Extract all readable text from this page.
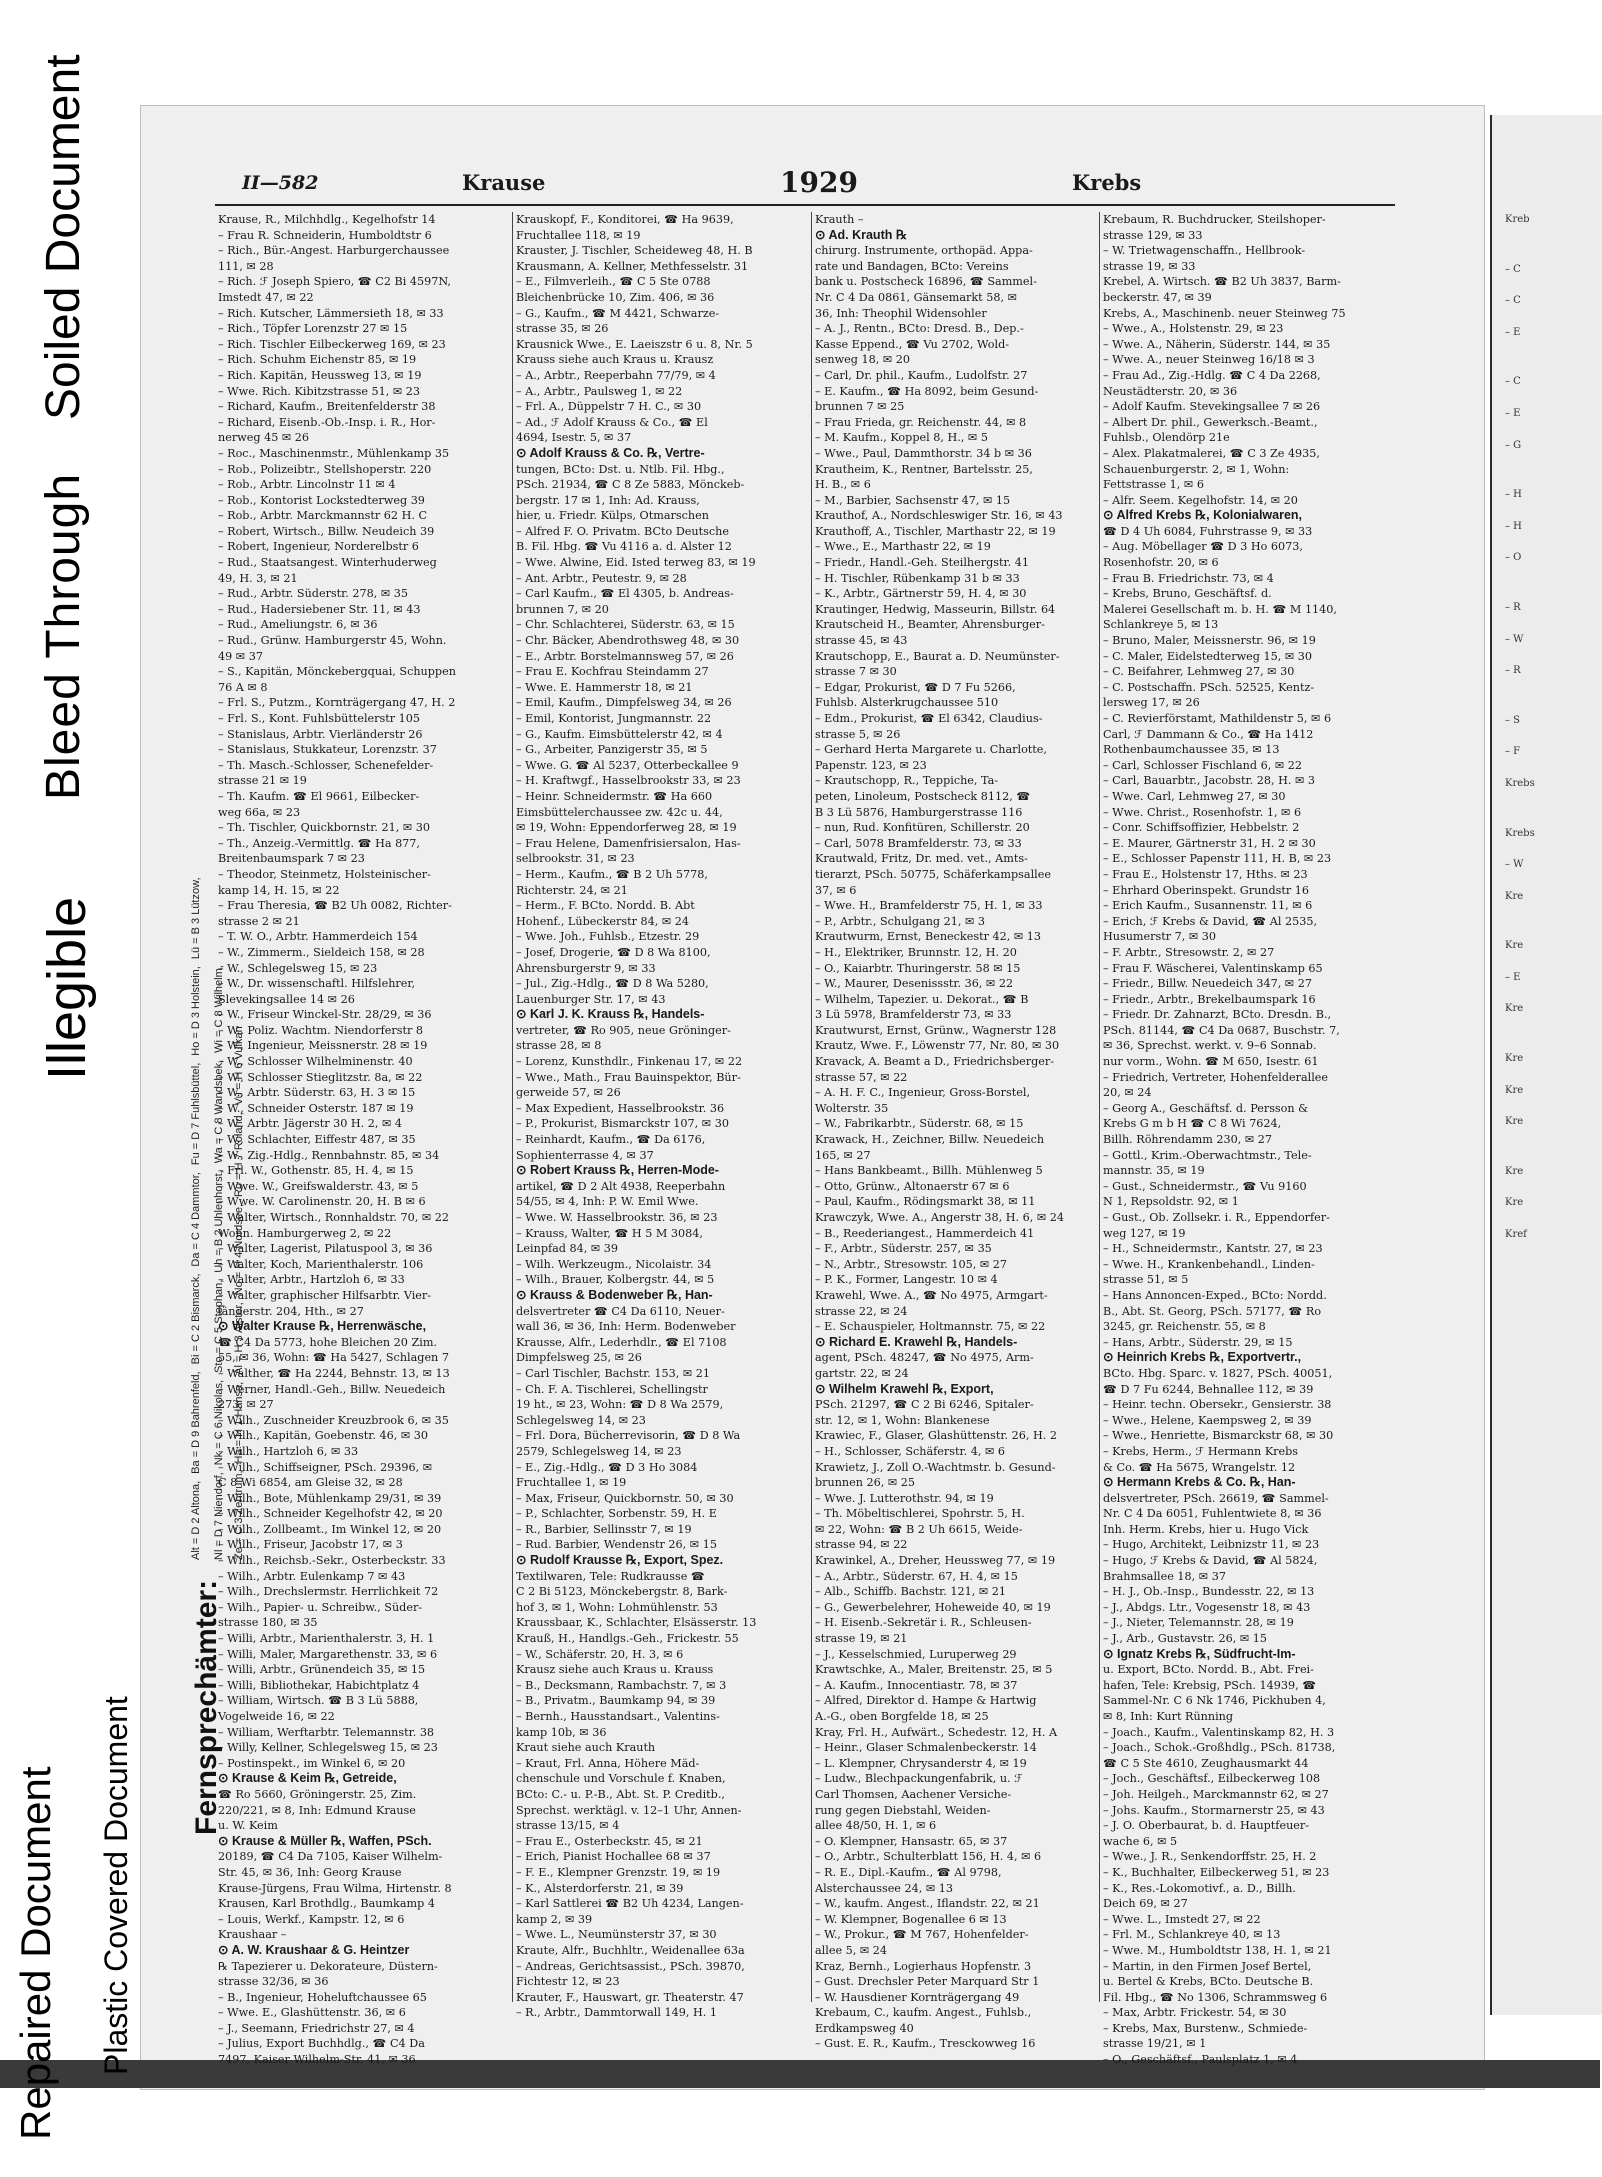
Repaired Document Plastic Covered Document
Illegible
Bleed Through
Soiled Document
Fernsprechämter:
Alt = D 2 Altona,Ba = D 9 Bahrenfeld,Bi = C 2 Bismarck,Da = C 4 Dammtor,Fu = D 7 Fuhlsbüttel,Ho = D 3 Holstein,Lü = B 3 Lützow,
Nl = D 7 Niendorf,Nk = C 6 Nikolas,Sto = C 5 Stephan,Uh = B 2 Uhlenhorst,Wa = C 8 Wandsbek,Wi = C 8 Wilhelm,
Ze = C 3 Zentrum,Ha = H 1 Hansa,Al = H 3 Alster,No = H 4 Nordsee,Ro = H 7 Roland,Vu = H 6 Vulkan
II—582	Krause	1929	Krebs
Krause, R., Milchhdlg., Kegelhofstr 14
– Frau R. Schneiderin, Humboldtstr 6
– Rich., Bür.-Angest. Harburgerchaussee
111, ✉ 28
– Rich. ℱ Joseph Spiero, ☎ C2 Bi 4597N,
Imstedt 47, ✉ 22
– Rich. Kutscher, Lämmersieth 18, ✉ 33
– Rich., Töpfer Lorenzstr 27 ✉ 15
– Rich. Tischler Eilbeckerweg 169, ✉ 23
– Rich. Schuhm Eichenstr 85, ✉ 19
– Rich. Kapitän, Heussweg 13, ✉ 19
– Wwe. Rich. Kibitzstrasse 51, ✉ 23
– Richard, Kaufm., Breitenfelderstr 38
– Richard, Eisenb.-Ob.-Insp. i. R., Hor-
nerweg 45 ✉ 26
– Roc., Maschinenmstr., Mühlenkamp 35
– Rob., Polizeibtr., Stellshoperstr. 220
– Rob., Arbtr. Lincolnstr 11 ✉ 4
– Rob., Kontorist Lockstedterweg 39
– Rob., Arbtr. Marckmannstr 62 H. C
– Robert, Wirtsch., Billw. Neudeich 39
– Robert, Ingenieur, Norderelbstr 6
– Rud., Staatsangest. Winterhuderweg
49, H. 3, ✉ 21
– Rud., Arbtr. Süderstr. 278, ✉ 35
– Rud., Hadersiebener Str. 11, ✉ 43
– Rud., Ameliungstr. 6, ✉ 36
– Rud., Grünw. Hamburgerstr 45, Wohn.
49 ✉ 37
– S., Kapitän, Mönckebergquai, Schuppen
76 A ✉ 8
– Frl. S., Putzm., Kornträgergang 47, H. 2
– Frl. S., Kont. Fuhlsbüttelerstr 105
– Stanislaus, Arbtr. Vierländerstr 26
– Stanislaus, Stukkateur, Lorenzstr. 37
– Th. Masch.-Schlosser, Schenefelder-
strasse 21 ✉ 19
– Th. Kaufm. ☎ El 9661, Eilbecker-
weg 66a, ✉ 23
– Th. Tischler, Quickbornstr. 21, ✉ 30
– Th., Anzeig.-Vermittlg. ☎ Ha 877,
Breitenbaumspark 7 ✉ 23
– Theodor, Steinmetz, Holsteinischer-
kamp 14, H. 15, ✉ 22
– Frau Theresia, ☎ B2 Uh 0082, Richter-
strasse 2 ✉ 21
– T. W. O., Arbtr. Hammerdeich 154
– W., Zimmerm., Sieldeich 158, ✉ 28
– W., Schlegelsweg 15, ✉ 23
– W., Dr. wissenschaftl. Hilfslehrer,
Slevekingsallee 14 ✉ 26
– W., Friseur Winckel-Str. 28/29, ✉ 36
– W., Poliz. Wachtm. Niendorferstr 8
– W., Ingenieur, Meissnerstr. 28 ✉ 19
– W., Schlosser Wilhelminenstr. 40
– W., Schlosser Stieglitzstr. 8a, ✉ 22
– W., Arbtr. Süderstr. 63, H. 3 ✉ 15
– W., Schneider Osterstr. 187 ✉ 19
– W., Arbtr. Jägerstr 30 H. 2, ✉ 4
– W., Schlachter, Eiffestr 487, ✉ 35
– W., Zig.-Hdlg., Rennbahnstr. 85, ✉ 34
– Frl. W., Gothenstr. 85, H. 4, ✉ 15
– Wwe. W., Greifswalderstr. 43, ✉ 5
– Wwe. W. Carolinenstr. 20, H. B ✉ 6
– Walter, Wirtsch., Ronnhaldstr. 70, ✉ 22
Wohn. Hamburgerweg 2, ✉ 22
– Walter, Lagerist, Pilatuspool 3, ✉ 36
– Walter, Koch, Marienthalerstr. 106
– Walter, Arbtr., Hartzloh 6, ✉ 33
– Walter, graphischer Hilfsarbtr. Vier-
länderstr. 204, Hth., ✉ 27
⊙ Walter Krause ℞, Herrenwäsche,
☎ C4 Da 5773, hohe Bleichen 20 Zim.
55, ✉ 36, Wohn: ☎ Ha 5427, Schlagen 7
– Walther, ☎ Ha 2244, Behnstr. 13, ✉ 13
– Werner, Handl.-Geh., Billw. Neuedeich
273, ✉ 27
– Wilh., Zuschneider Kreuzbrook 6, ✉ 35
– Wilh., Kapitän, Goebenstr. 46, ✉ 30
– Wilh., Hartzloh 6, ✉ 33
– Wilh., Schiffseigner, PSch. 29396, ✉
C 8 Wi 6854, am Gleise 32, ✉ 28
– Wilh., Bote, Mühlenkamp 29/31, ✉ 39
– Wilh., Schneider Kegelhofstr 42, ✉ 20
– Wilh., Zollbeamt., Im Winkel 12, ✉ 20
– Wilh., Friseur, Jacobstr 17, ✉ 3
– Wilh., Reichsb.-Sekr., Osterbeckstr. 33
– Wilh., Arbtr. Eulenkamp 7 ✉ 43
– Wilh., Drechslermstr. Herrlichkeit 72
– Wilh., Papier- u. Schreibw., Süder-
strasse 180, ✉ 35
– Willi, Arbtr., Marienthalerstr. 3, H. 1
– Willi, Maler, Margarethenstr. 33, ✉ 6
– Willi, Arbtr., Grünendeich 35, ✉ 15
– Willi, Bibliothekar, Habichtplatz 4
– William, Wirtsch. ☎ B 3 Lü 5888,
Vogelweide 16, ✉ 22
– William, Werftarbtr. Telemannstr. 38
– Willy, Kellner, Schlegelsweg 15, ✉ 23
– Postinspekt., im Winkel 6, ✉ 20
⊙ Krause & Keim ℞, Getreide,
☎ Ro 5660, Gröningerstr. 25, Zim.
220/221, ✉ 8, Inh: Edmund Krause
u. W. Keim
⊙ Krause & Müller ℞, Waffen, PSch.
20189, ☎ C4 Da 7105, Kaiser Wilhelm-
Str. 45, ✉ 36, Inh: Georg Krause
Krause-Jürgens, Frau Wilma, Hirtenstr. 8
Krausen, Karl Brothdlg., Baumkamp 4
– Louis, Werkf., Kampstr. 12, ✉ 6
Kraushaar –
⊙ A. W. Kraushaar & G. Heintzer
℞ Tapezierer u. Dekorateure, Düstern-
strasse 32/36, ✉ 36
– B., Ingenieur, Hoheluftchaussee 65
– Wwe. E., Glashüttenstr. 36, ✉ 6
– J., Seemann, Friedrichstr 27, ✉ 4
– Julius, Export Buchhdlg., ☎ C4 Da
7497, Kaiser Wilhelm-Str. 41, ✉ 36
Krauskopf, F., Konditorei, ☎ Ha 9639,
Fruchtallee 118, ✉ 19
Krauster, J. Tischler, Scheideweg 48, H. B
Krausmann, A. Kellner, Methfesselstr. 31
– E., Filmverleih., ☎ C 5 Ste 0788
Bleichenbrücke 10, Zim. 406, ✉ 36
– G., Kaufm., ☎ M 4421, Schwarze-
strasse 35, ✉ 26
Krausnick Wwe., E. Laeiszstr 6 u. 8, Nr. 5
Krauss siehe auch Kraus u. Krausz
– A., Arbtr., Reeperbahn 77/79, ✉ 4
– A., Arbtr., Paulsweg 1, ✉ 22
– Frl. A., Düppelstr 7 H. C., ✉ 30
– Ad., ℱ Adolf Krauss & Co., ☎ El
4694, Isestr. 5, ✉ 37
⊙ Adolf Krauss & Co. ℞, Vertre-
tungen, BCto: Dst. u. Ntlb. Fil. Hbg.,
PSch. 21934, ☎ C 8 Ze 5883, Mönckeb-
bergstr. 17 ✉ 1, Inh: Ad. Krauss,
hier, u. Friedr. Külps, Otmarschen
– Alfred F. O. Privatm. BCto Deutsche
B. Fil. Hbg. ☎ Vu 4116 a. d. Alster 12
– Wwe. Alwine, Eid. Isted terweg 83, ✉ 19
– Ant. Arbtr., Peutestr. 9, ✉ 28
– Carl Kaufm., ☎ El 4305, b. Andreas-
brunnen 7, ✉ 20
– Chr. Schlachterei, Süderstr. 63, ✉ 15
– Chr. Bäcker, Abendrothsweg 48, ✉ 30
– E., Arbtr. Borstelmannsweg 57, ✉ 26
– Frau E. Kochfrau Steindamm 27
– Wwe. E. Hammerstr 18, ✉ 21
– Emil, Kaufm., Dimpfelsweg 34, ✉ 26
– Emil, Kontorist, Jungmannstr. 22
– G., Kaufm. Eimsbüttelerstr 42, ✉ 4
– G., Arbeiter, Panzigerstr 35, ✉ 5
– Wwe. G. ☎ Al 5237, Otterbeckallee 9
– H. Kraftwgf., Hasselbrookstr 33, ✉ 23
– Heinr. Schneidermstr. ☎ Ha 660
Eimsbüttelerchaussee zw. 42c u. 44,
✉ 19, Wohn: Eppendorferweg 28, ✉ 19
– Frau Helene, Damenfrisiersalon, Has-
selbrookstr. 31, ✉ 23
– Herm., Kaufm., ☎ B 2 Uh 5778,
Richterstr. 24, ✉ 21
– Herm., F. BCto. Nordd. B. Abt
Hohenf., Lübeckerstr 84, ✉ 24
– Wwe. Joh., Fuhlsb., Etzestr. 29
– Josef, Drogerie, ☎ D 8 Wa 8100,
Ahrensburgerstr 9, ✉ 33
– Jul., Zig.-Hdlg., ☎ D 8 Wa 5280,
Lauenburger Str. 17, ✉ 43
⊙ Karl J. K. Krauss ℞, Handels-
vertreter, ☎ Ro 905, neue Gröninger-
strasse 28, ✉ 8
– Lorenz, Kunsthdlr., Finkenau 17, ✉ 22
– Wwe., Math., Frau Bauinspektor, Bür-
gerweide 57, ✉ 26
– Max Expedient, Hasselbrookstr. 36
– P., Prokurist, Bismarckstr 107, ✉ 30
– Reinhardt, Kaufm., ☎ Da 6176,
Sophienterrasse 4, ✉ 37
⊙ Robert Krauss ℞, Herren-Mode-
artikel, ☎ D 2 Alt 4938, Reeperbahn
54/55, ✉ 4, Inh: P. W. Emil Wwe.
– Wwe. W. Hasselbrookstr. 36, ✉ 23
– Krauss, Walter, ☎ H 5 M 3084,
Leinpfad 84, ✉ 39
– Wilh. Werkzeugm., Nicolaistr. 34
– Wilh., Brauer, Kolbergstr. 44, ✉ 5
⊙ Krauss & Bodenweber ℞, Han-
delsvertreter ☎ C4 Da 6110, Neuer-
wall 36, ✉ 36, Inh: Herm. Bodenweber
Krausse, Alfr., Lederhdlr., ☎ El 7108
Dimpfelsweg 25, ✉ 26
– Carl Tischler, Bachstr. 153, ✉ 21
– Ch. F. A. Tischlerei, Schellingstr
19 ht., ✉ 23, Wohn: ☎ D 8 Wa 2579,
Schlegelsweg 14, ✉ 23
– Frl. Dora, Bücherrevisorin, ☎ D 8 Wa
2579, Schlegelsweg 14, ✉ 23
– E., Zig.-Hdlg., ☎ D 3 Ho 3084
Fruchtallee 1, ✉ 19
– Max, Friseur, Quickbornstr. 50, ✉ 30
– P., Schlachter, Sorbenstr. 59, H. E
– R., Barbier, Sellinsstr 7, ✉ 19
– Rud. Barbier, Wendenstr 26, ✉ 15
⊙ Rudolf Krausse ℞, Export, Spez.
Textilwaren, Tele: Rudkrausse ☎
C 2 Bi 5123, Mönckebergstr. 8, Bark-
hof 3, ✉ 1, Wohn: Lohmühlenstr. 53
Kraussbaar, K., Schlachter, Elsässerstr. 13
Krauß, H., Handlgs.-Geh., Frickestr. 55
– W., Schäferstr. 20, H. 3, ✉ 6
Krausz siehe auch Kraus u. Krauss
– B., Decksmann, Rambachstr. 7, ✉ 3
– B., Privatm., Baumkamp 94, ✉ 39
– Bernh., Hausstandsart., Valentins-
kamp 10b, ✉ 36
Kraut siehe auch Krauth
– Kraut, Frl. Anna, Höhere Mäd-
chenschule und Vorschule f. Knaben,
BCto: C.- u. P.-B., Abt. St. P. Creditb.,
Sprechst. werktägl. v. 12–1 Uhr, Annen-
strasse 13/15, ✉ 4
– Frau E., Osterbeckstr. 45, ✉ 21
– Erich, Pianist Hochallee 68 ✉ 37
– F. E., Klempner Grenzstr. 19, ✉ 19
– K., Alsterdorferstr. 21, ✉ 39
– Karl Sattlerei ☎ B2 Uh 4234, Langen-
kamp 2, ✉ 39
– Wwe. L., Neumünsterstr 37, ✉ 30
Kraute, Alfr., Buchhltr., Weidenallee 63a
– Andreas, Gerichtsassist., PSch. 39870,
Fichtestr 12, ✉ 23
Krauter, F., Hauswart, gr. Theaterstr. 47
– R., Arbtr., Dammtorwall 149, H. 1
Krauth –
⊙ Ad. Krauth ℞
chirurg. Instrumente, orthopäd. Appa-
rate und Bandagen, BCto: Vereins
bank u. Postscheck 16896, ☎ Sammel-
Nr. C 4 Da 0861, Gänsemarkt 58, ✉
36, Inh: Theophil Widensohler
– A. J., Rentn., BCto: Dresd. B., Dep.-
Kasse Eppend., ☎ Vu 2702, Wold-
senweg 18, ✉ 20
– Carl, Dr. phil., Kaufm., Ludolfstr. 27
– E. Kaufm., ☎ Ha 8092, beim Gesund-
brunnen 7 ✉ 25
– Frau Frieda, gr. Reichenstr. 44, ✉ 8
– M. Kaufm., Koppel 8, H., ✉ 5
– Wwe., Paul, Dammthorstr. 34 b ✉ 36
Krautheim, K., Rentner, Bartelsstr. 25,
H. B., ✉ 6
– M., Barbier, Sachsenstr 47, ✉ 15
Krauthof, A., Nordschleswiger Str. 16, ✉ 43
Krauthoff, A., Tischler, Marthastr 22, ✉ 19
– Wwe., E., Marthastr 22, ✉ 19
– Friedr., Handl.-Geh. Steilhergstr. 41
– H. Tischler, Rübenkamp 31 b ✉ 33
– K., Arbtr., Gärtnerstr 59, H. 4, ✉ 30
Krautinger, Hedwig, Masseurin, Billstr. 64
Krautscheid H., Beamter, Ahrensburger-
strasse 45, ✉ 43
Krautschopp, E., Baurat a. D. Neumünster-
strasse 7 ✉ 30
– Edgar, Prokurist, ☎ D 7 Fu 5266,
Fuhlsb. Alsterkrugchaussee 510
– Edm., Prokurist, ☎ El 6342, Claudius-
strasse 5, ✉ 26
– Gerhard Herta Margarete u. Charlotte,
Papenstr. 123, ✉ 23
– Krautschopp, R., Teppiche, Ta-
peten, Linoleum, Postscheck 8112, ☎
B 3 Lü 5876, Hamburgerstrasse 116
– nun, Rud. Konfitüren, Schillerstr. 20
– Carl, 5078 Bramfelderstr. 73, ✉ 33
Krautwald, Fritz, Dr. med. vet., Amts-
tierarzt, PSch. 50775, Schäferkampsallee
37, ✉ 6
– Wwe. H., Bramfelderstr 75, H. 1, ✉ 33
– P., Arbtr., Schulgang 21, ✉ 3
Krautwurm, Ernst, Beneckestr 42, ✉ 13
– H., Elektriker, Brunnstr. 12, H. 20
– O., Kaiarbtr. Thuringerstr. 58 ✉ 15
– W., Maurer, Desenissstr. 36, ✉ 22
– Wilhelm, Tapezier. u. Dekorat., ☎ B
3 Lü 5978, Bramfelderstr 73, ✉ 33
Krautwurst, Ernst, Grünw., Wagnerstr 128
Krautz, Wwe. F., Löwenstr 77, Nr. 80, ✉ 30
Kravack, A. Beamt a D., Friedrichsberger-
strasse 57, ✉ 22
– A. H. F. C., Ingenieur, Gross-Borstel,
Wolterstr. 35
– W., Fabrikarbtr., Süderstr. 68, ✉ 15
Krawack, H., Zeichner, Billw. Neuedeich
165, ✉ 27
– Hans Bankbeamt., Billh. Mühlenweg 5
– Otto, Grünw., Altonaerstr 67 ✉ 6
– Paul, Kaufm., Rödingsmarkt 38, ✉ 11
Krawczyk, Wwe. A., Angerstr 38, H. 6, ✉ 24
– B., Reederiangest., Hammerdeich 41
– F., Arbtr., Süderstr. 257, ✉ 35
– N., Arbtr., Stresowstr. 105, ✉ 27
– P. K., Former, Langestr. 10 ✉ 4
Krawehl, Wwe. A., ☎ No 4975, Armgart-
strasse 22, ✉ 24
– E. Schauspieler, Holtmannstr. 75, ✉ 22
⊙ Richard E. Krawehl ℞, Handels-
agent, PSch. 48247, ☎ No 4975, Arm-
gartstr. 22, ✉ 24
⊙ Wilhelm Krawehl ℞, Export,
PSch. 21297, ☎ C 2 Bi 6246, Spitaler-
str. 12, ✉ 1, Wohn: Blankenese
Krawiec, F., Glaser, Glashüttenstr. 26, H. 2
– H., Schlosser, Schäferstr. 4, ✉ 6
Krawietz, J., Zoll O.-Wachtmstr. b. Gesund-
brunnen 26, ✉ 25
– Wwe. J. Lutterothstr. 94, ✉ 19
– Th. Möbeltischlerei, Spohrstr. 5, H.
✉ 22, Wohn: ☎ B 2 Uh 6615, Weide-
strasse 94, ✉ 22
Krawinkel, A., Dreher, Heussweg 77, ✉ 19
– A., Arbtr., Süderstr. 67, H. 4, ✉ 15
– Alb., Schiffb. Bachstr. 121, ✉ 21
– G., Gewerbelehrer, Hoheweide 40, ✉ 19
– H. Eisenb.-Sekretär i. R., Schleusen-
strasse 19, ✉ 21
– J., Kesselschmied, Luruperweg 29
Krawtschke, A., Maler, Breitenstr. 25, ✉ 5
– A. Kaufm., Innocentiastr. 78, ✉ 37
– Alfred, Direktor d. Hampe & Hartwig
A.-G., oben Borgfelde 18, ✉ 25
Kray, Frl. H., Aufwärt., Schedestr. 12, H. A
– Heinr., Glaser Schmalenbeckerstr. 14
– L. Klempner, Chrysanderstr 4, ✉ 19
– Ludw., Blechpackungenfabrik, u. ℱ
Carl Thomsen, Aachener Versiche-
rung gegen Diebstahl, Weiden-
allee 48/50, H. 1, ✉ 6
– O. Klempner, Hansastr. 65, ✉ 37
– O., Arbtr., Schulterblatt 156, H. 4, ✉ 6
– R. E., Dipl.-Kaufm., ☎ Al 9798,
Alsterchaussee 24, ✉ 13
– W., kaufm. Angest., Iflandstr. 22, ✉ 21
– W. Klempner, Bogenallee 6 ✉ 13
– W., Prokur., ☎ M 767, Hohenfelder-
allee 5, ✉ 24
Kraz, Bernh., Logierhaus Hopfenstr. 3
– Gust. Drechsler Peter Marquard Str 1
– W. Hausdiener Kornträgergang 49
Krebaum, C., kaufm. Angest., Fuhlsb.,
Erdkampsweg 40
– Gust. E. R., Kaufm., Tresckowweg 16
Krebaum, R. Buchdrucker, Steilshoper-
strasse 129, ✉ 33
– W. Trietwagenschaffn., Hellbrook-
strasse 19, ✉ 33
Krebel, A. Wirtsch. ☎ B2 Uh 3837, Barm-
beckerstr. 47, ✉ 39
Krebs, A., Maschinenb. neuer Steinweg 75
– Wwe., A., Holstenstr. 29, ✉ 23
– Wwe. A., Näherin, Süderstr. 144, ✉ 35
– Wwe. A., neuer Steinweg 16/18 ✉ 3
– Frau Ad., Zig.-Hdlg. ☎ C 4 Da 2268,
Neustädterstr. 20, ✉ 36
– Adolf Kaufm. Stevekingsallee 7 ✉ 26
– Albert Dr. phil., Gewerksch.-Beamt.,
Fuhlsb., Olendörp 21e
– Alex. Plakatmalerei, ☎ C 3 Ze 4935,
Schauenburgerstr. 2, ✉ 1, Wohn:
Fettstrasse 1, ✉ 6
– Alfr. Seem. Kegelhofstr. 14, ✉ 20
⊙ Alfred Krebs ℞, Kolonialwaren,
☎ D 4 Uh 6084, Fuhrstrasse 9, ✉ 33
– Aug. Möbellager ☎ D 3 Ho 6073,
Rosenhofstr. 20, ✉ 6
– Frau B. Friedrichstr. 73, ✉ 4
– Krebs, Bruno, Geschäftsf. d.
Malerei Gesellschaft m. b. H. ☎ M 1140,
Schlankreye 5, ✉ 13
– Bruno, Maler, Meissnerstr. 96, ✉ 19
– C. Maler, Eidelstedterweg 15, ✉ 30
– C. Beifahrer, Lehmweg 27, ✉ 30
– C. Postschaffn. PSch. 52525, Kentz-
lersweg 17, ✉ 26
– C. Revierförstamt, Mathildenstr 5, ✉ 6
Carl, ℱ Dammann & Co., ☎ Ha 1412
Rothenbaumchaussee 35, ✉ 13
– Carl, Schlosser Fischland 6, ✉ 22
– Carl, Bauarbtr., Jacobstr. 28, H. ✉ 3
– Wwe. Carl, Lehmweg 27, ✉ 30
– Wwe. Christ., Rosenhofstr. 1, ✉ 6
– Conr. Schiffsoffizier, Hebbelstr. 2
– E. Maurer, Gärtnerstr 31, H. 2 ✉ 30
– E., Schlosser Papenstr 111, H. B, ✉ 23
– Frau E., Holstenstr 17, Hths. ✉ 23
– Ehrhard Oberinspekt. Grundstr 16
– Erich Kaufm., Susannenstr. 11, ✉ 6
– Erich, ℱ Krebs & David, ☎ Al 2535,
Husumerstr 7, ✉ 30
– F. Arbtr., Stresowstr. 2, ✉ 27
– Frau F. Wäscherei, Valentinskamp 65
– Friedr., Billw. Neuedeich 347, ✉ 27
– Friedr., Arbtr., Brekelbaumspark 16
– Friedr. Dr. Zahnarzt, BCto. Dresdn. B.,
PSch. 81144, ☎ C4 Da 0687, Buschstr. 7,
✉ 36, Sprechst. werkt. v. 9–6 Sonnab.
nur vorm., Wohn. ☎ M 650, Isestr. 61
– Friedrich, Vertreter, Hohenfelderallee
20, ✉ 24
– Georg A., Geschäftsf. d. Persson &
Krebs G m b H ☎ C 8 Wi 7624,
Billh. Röhrendamm 230, ✉ 27
– Gottl., Krim.-Oberwachtmstr., Tele-
mannstr. 35, ✉ 19
– Gust., Schneidermstr., ☎ Vu 9160
N 1, Repsoldstr. 92, ✉ 1
– Gust., Ob. Zollsekr. i. R., Eppendorfer-
weg 127, ✉ 19
– H., Schneidermstr., Kantstr. 27, ✉ 23
– Wwe. H., Krankenbehandl., Linden-
strasse 51, ✉ 5
– Hans Annoncen-Exped., BCto: Nordd.
B., Abt. St. Georg, PSch. 57177, ☎ Ro
3245, gr. Reichenstr. 55, ✉ 8
– Hans, Arbtr., Süderstr. 29, ✉ 15
⊙ Heinrich Krebs ℞, Exportvertr.,
BCto. Hbg. Sparc. v. 1827, PSch. 40051,
☎ D 7 Fu 6244, Behnallee 112, ✉ 39
– Heinr. techn. Obersekr., Gensierstr. 38
– Wwe., Helene, Kaempsweg 2, ✉ 39
– Wwe., Henriette, Bismarckstr 68, ✉ 30
– Krebs, Herm., ℱ Hermann Krebs
& Co. ☎ Ha 5675, Wrangelstr. 12
⊙ Hermann Krebs & Co. ℞, Han-
delsvertreter, PSch. 26619, ☎ Sammel-
Nr. C 4 Da 6051, Fuhlentwiete 8, ✉ 36
Inh. Herm. Krebs, hier u. Hugo Vick
– Hugo, Architekt, Leibnizstr 11, ✉ 23
– Hugo, ℱ Krebs & David, ☎ Al 5824,
Brahmsallee 18, ✉ 37
– H. J., Ob.-Insp., Bundesstr. 22, ✉ 13
– J., Abdgs. Ltr., Vogesenstr 18, ✉ 43
– J., Nieter, Telemannstr. 28, ✉ 19
– J., Arb., Gustavstr. 26, ✉ 15
⊙ Ignatz Krebs ℞, Südfrucht-Im-
u. Export, BCto. Nordd. B., Abt. Frei-
hafen, Tele: Krebsig, PSch. 14939, ☎
Sammel-Nr. C 6 Nk 1746, Pickhuben 4,
✉ 8, Inh: Kurt Rünning
– Joach., Kaufm., Valentinskamp 82, H. 3
– Joach., Schok.-Großhdlg., PSch. 81738,
☎ C 5 Ste 4610, Zeughausmarkt 44
– Joch., Geschäftsf., Eilbeckerweg 108
– Joh. Heilgeh., Marckmannstr 62, ✉ 27
– Johs. Kaufm., Stormarnerstr 25, ✉ 43
– J. O. Oberbaurat, b. d. Hauptfeuer-
wache 6, ✉ 5
– Wwe., J. R., Senkendorffstr. 25, H. 2
– K., Buchhalter, Eilbeckerweg 51, ✉ 23
– K., Res.-Lokomotivf., a. D., Billh.
Deich 69, ✉ 27
– Wwe. L., Imstedt 27, ✉ 22
– Frl. M., Schlankreye 40, ✉ 13
– Wwe. M., Humboldtstr 138, H. 1, ✉ 21
– Martin, in den Firmen Josef Bertel,
u. Bertel & Krebs, BCto. Deutsche B.
Fil. Hbg., ☎ No 1306, Schrammsweg 6
– Max, Arbtr. Frickestr. 54, ✉ 30
– Krebs, Max, Burstenw., Schmiede-
strasse 19/21, ✉ 1
– O., Geschäftsf., Paulsplatz 1, ✉ 4
Kreb
– C
– C
– E
– C
– E
– G
– H
– H
– O
– R
– W
– R
– S
– F
Krebs
Krebs
– W
Kre
Kre
– E
Kre
Kre
Kre
Kre
Kre
Kre
Kref
